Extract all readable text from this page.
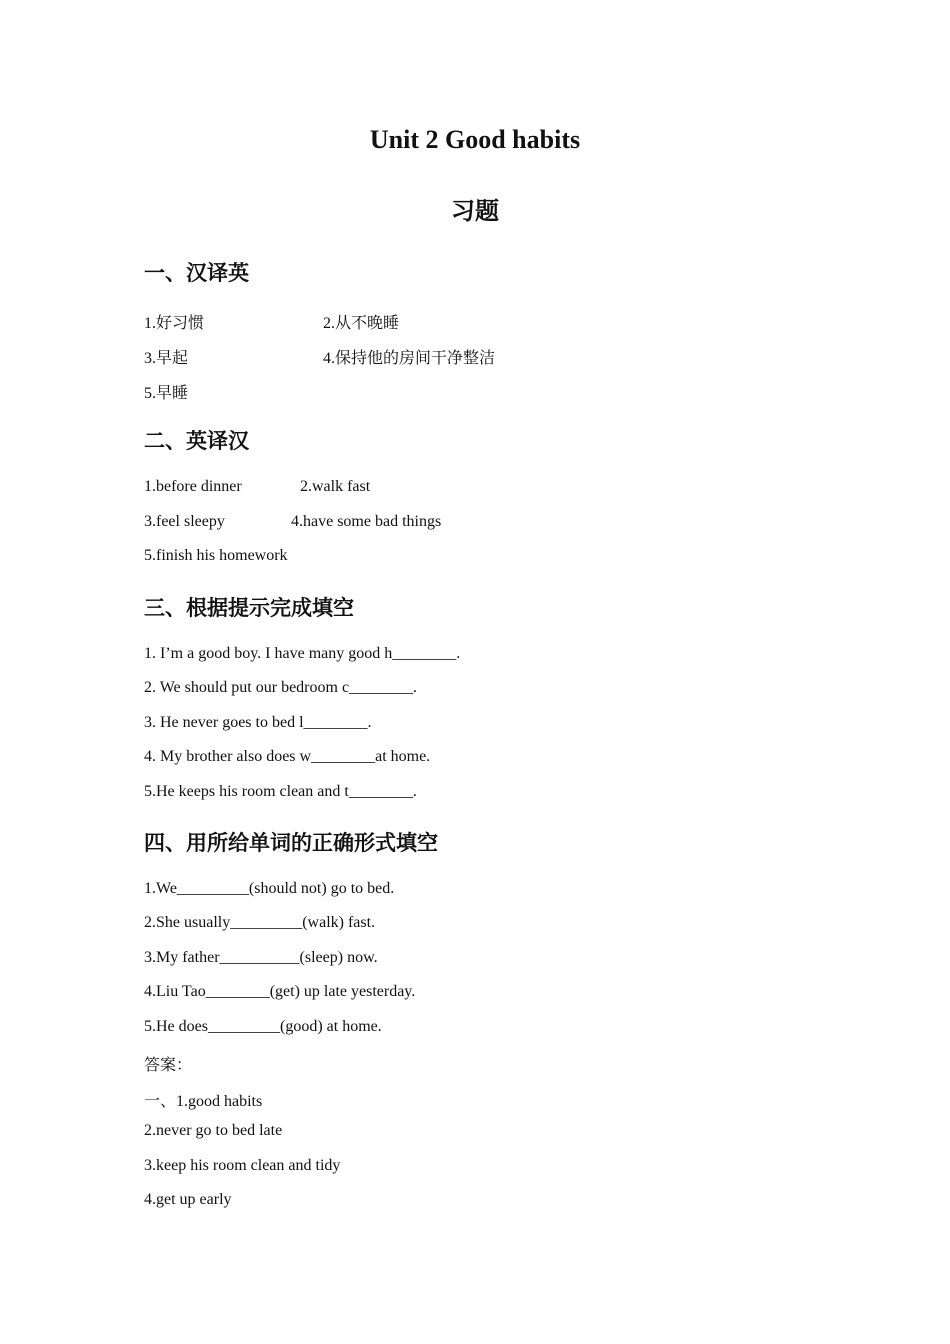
Unit 2 Good habits
习题
一、汉译英
1.好习惯	2.从不晚睡
3.早起	4.保持他的房间干净整洁
5.早睡
二、英译汉
1.before dinner	2.walk fast
3.feel sleepy	4.have some bad things
5.finish his homework
三、根据提示完成填空
1. I’m a good boy. I have many good h________.
2. We should put our bedroom c________.
3. He never goes to bed l________.
4. My brother also does w________at home.
5.He keeps his room clean and t________.
四、用所给单词的正确形式填空
1.We_________(should not) go to bed.
2.She usually_________(walk) fast.
3.My father__________(sleep) now.
4.Liu Tao________(get) up late yesterday.
5.He does_________(good) at home.
答案：
一、1.good habits
2.never go to bed late
3.keep his room clean and tidy
4.get up early
